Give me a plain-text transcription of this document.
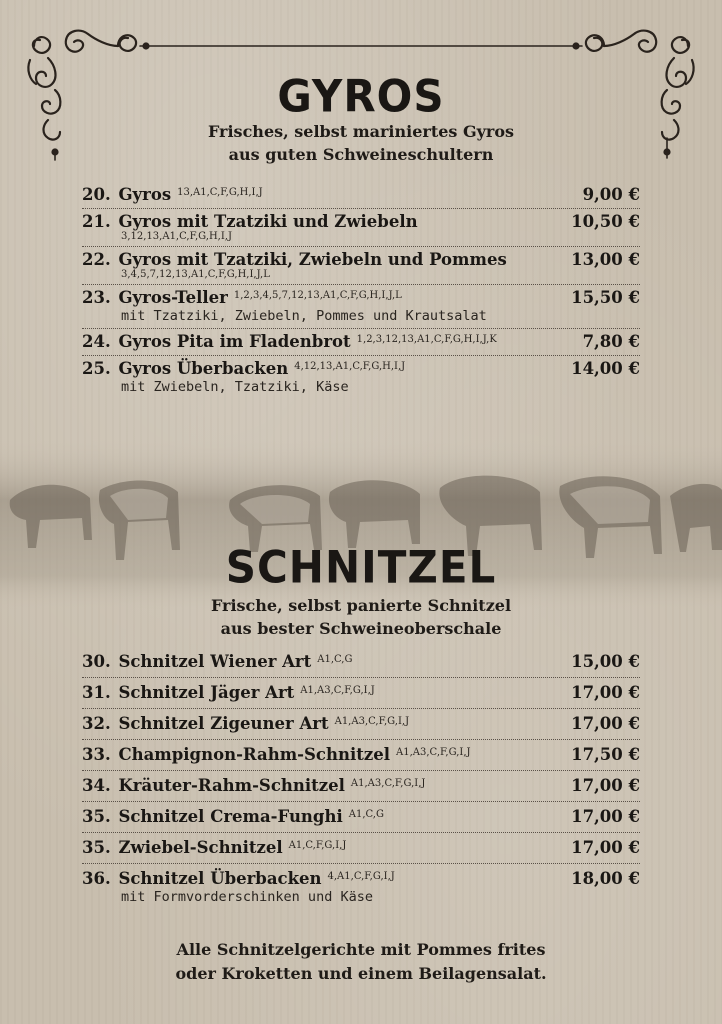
GYROS
Frisches, selbst mariniertes Gyros
aus guten Schweineschultern
20. Gyros $^{13,A1,C,F,G,H,I,J}$	9,00 €
21. Gyros mit Tzatziki und Zwiebeln	10,50 €
3,12,13,A1,C,F,G,H,I,J
22. Gyros mit Tzatziki, Zwiebeln und Pommes	13,00 €
3,4,5,7,12,13,A1,C,F,G,H,I,J,L
23. Gyros-Teller $^{1,2,3,4,5,7,12,13,A1,C,F,G,H,I,J,L}$	15,50 €
mit Tzatziki, Zwiebeln, Pommes und Krautsalat
24. Gyros Pita im Fladenbrot $^{1,2,3,12,13,A1,C,F,G,H,I,J,K}$	7,80 €
25. Gyros Überbacken $^{4,12,13,A1,C,F,G,H,I,J}$	14,00 €
mit Zwiebeln, Tzatziki, Käse
SCHNITZEL
Frische, selbst panierte Schnitzel
aus bester Schweineoberschale
30. Schnitzel Wiener Art $^{A1,C,G}$	15,00 €
31. Schnitzel Jäger Art $^{A1,A3,C,F,G,I,J}$	17,00 €
32. Schnitzel Zigeuner Art $^{A1,A3,C,F,G,I,J}$	17,00 €
33. Champignon-Rahm-Schnitzel $^{A1,A3,C,F,G,I,J}$	17,50 €
34. Kräuter-Rahm-Schnitzel $^{A1,A3,C,F,G,I,J}$	17,00 €
35. Schnitzel Crema-Funghi $^{A1,C,G}$	17,00 €
35. Zwiebel-Schnitzel $^{A1,C,F,G,I,J}$	17,00 €
36. Schnitzel Überbacken $^{4,A1,C,F,G,I,J}$	18,00 €
mit Formvorderschinken und Käse
Alle Schnitzelgerichte mit Pommes frites
oder Kroketten und einem Beilagensalat.
